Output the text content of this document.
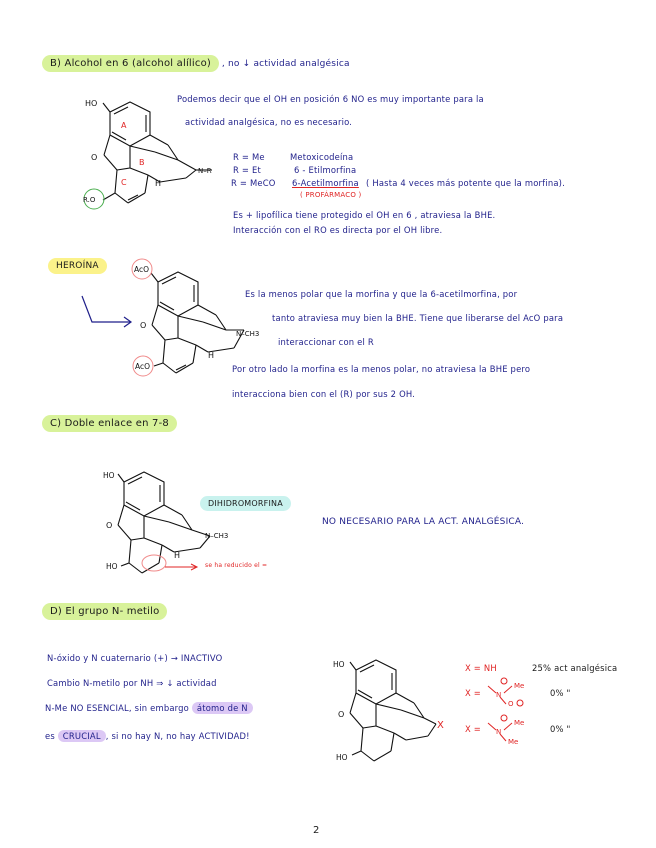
B) Alcohol en 6 (alcohol alílico) , no ↓ actividad analgésica
HO
O
A
B
C	H
N–R
R.O
Podemos decir que el OH en posición 6 NO es muy importante para la
actividad analgésica, no es necesario.
R = Me	Metoxicodeína
R = Et	6 - Etilmorfina
R = MeCO 6-Acetilmorfina ( Hasta 4 veces más potente que la morfina).
( PROFÁRMACO )
Es + lipofílica tiene protegido el OH en 6 , atraviesa la BHE.
Interacción con el RO es directa por el OH libre.
HEROÍNA	AcO
AcO
O
H
N–CH3
Es la menos polar que la morfina y que la 6-acetilmorfina, por
tanto atraviesa muy bien la BHE. Tiene que liberarse del AcO para
interaccionar con el R
Por otro lado la morfina es la menos polar, no atraviesa la BHE pero
interacciona bien con el (R) por sus 2 OH.
C) Doble enlace en 7-8
HO
HO
O
H
N–CH3
DIHIDROMORFINA
NO NECESARIO PARA LA ACT. ANALGÉSICA.
se ha reducido el =
D) El grupo N- metilo
N-óxido y N cuaternario (+) → INACTIVO
Cambio N-metilo por NH ⇒ ↓ actividad
N-Me NO ESENCIAL, sin embargo átomo de N
es CRUCIAL , si no hay N, no hay ACTIVIDAD!
HO
HO
O
X
N
Me
O
N
Me
Me
X = NH	25% act analgésica
X =	0% "
X =	0% "
2
